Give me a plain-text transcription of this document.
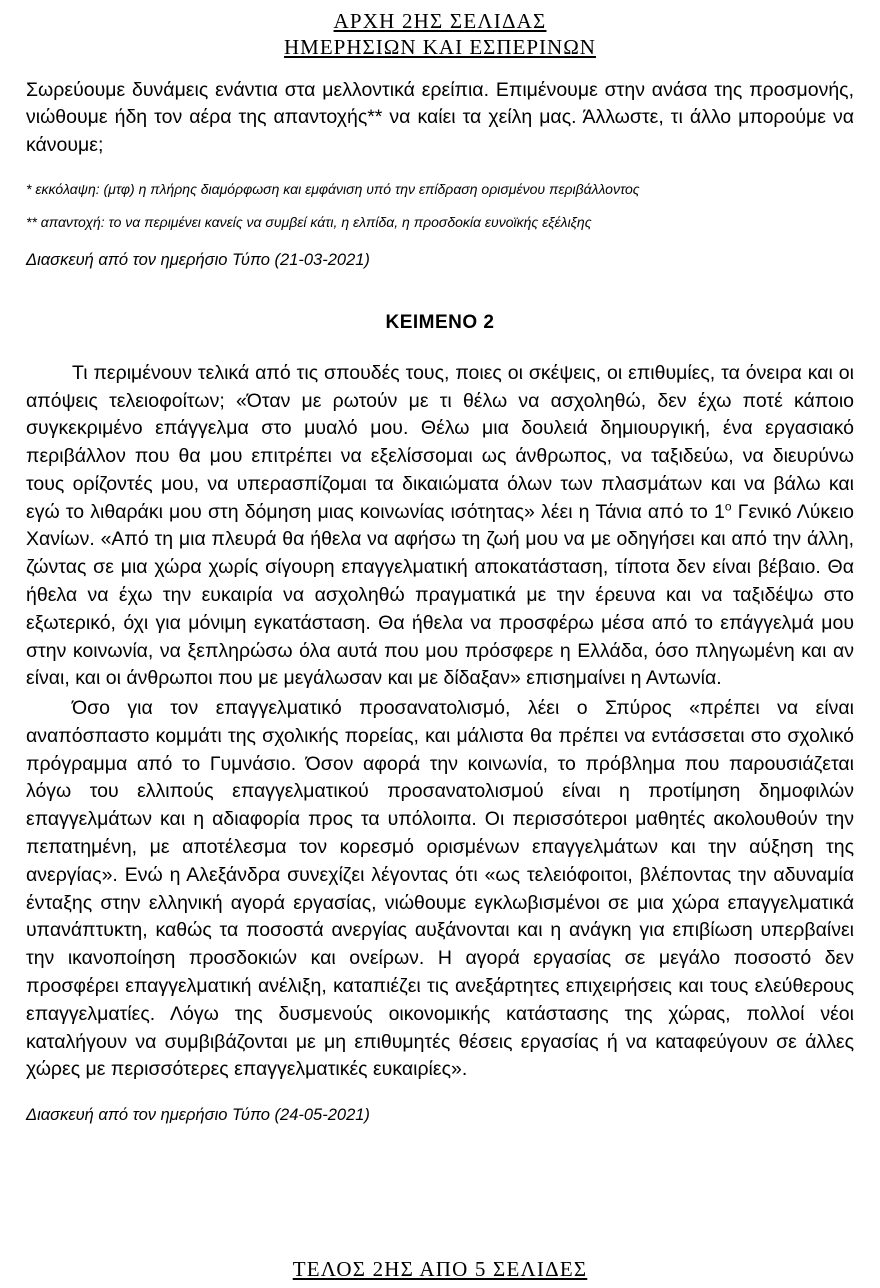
ΑΡΧΗ 2ΗΣ ΣΕΛΙΔΑΣ
ΗΜΕΡΗΣΙΩΝ ΚΑΙ ΕΣΠΕΡΙΝΩΝ

Σωρεύουμε δυνάμεις ενάντια στα μελλοντικά ερείπια. Επιμένουμε στην ανάσα της προσμονής, νιώθουμε ήδη τον αέρα της απαντοχής** να καίει τα χείλη μας. Άλλωστε, τι άλλο μπορούμε να κάνουμε;

* εκκόλαψη: (μτφ) η πλήρης διαμόρφωση και εμφάνιση υπό την επίδραση ορισμένου περιβάλλοντος
** απαντοχή: το να περιμένει κανείς να συμβεί κάτι, η ελπίδα, η προσδοκία ευνοϊκής εξέλιξης
Διασκευή από τον ημερήσιο Τύπο (21-03-2021)
ΚΕΙΜΕΝΟ 2

Τι περιμένουν τελικά από τις σπουδές τους, ποιες οι σκέψεις, οι επιθυμίες, τα όνειρα και οι απόψεις τελειοφοίτων; «Όταν με ρωτούν με τι θέλω να ασχοληθώ, δεν έχω ποτέ κάποιο συγκεκριμένο επάγγελμα στο μυαλό μου. Θέλω μια δουλειά δημιουργική, ένα εργασιακό περιβάλλον που θα μου επιτρέπει να εξελίσσομαι ως άνθρωπος, να ταξιδεύω, να διευρύνω τους ορίζοντές μου, να υπερασπίζομαι τα δικαιώματα όλων των πλασμάτων και να βάλω και εγώ το λιθαράκι μου στη δόμηση μιας κοινωνίας ισότητας» λέει η Τάνια από το $1^o$ Γενικό Λύκειο Χανίων. «Από τη μια πλευρά θα ήθελα να αφήσω τη ζωή μου να με οδηγήσει και από την άλλη, ζώντας σε μια χώρα χωρίς σίγουρη επαγγελματική αποκατάσταση, τίποτα δεν είναι βέβαιο. Θα ήθελα να έχω την ευκαιρία να ασχοληθώ πραγματικά με την έρευνα και να ταξιδέψω στο εξωτερικό, όχι για μόνιμη εγκατάσταση. Θα ήθελα να προσφέρω μέσα από το επάγγελμά μου στην κοινωνία, να ξεπληρώσω όλα αυτά που μου πρόσφερε η Ελλάδα, όσο πληγωμένη και αν είναι, και οι άνθρωποι που με μεγάλωσαν και με δίδαξαν» επισημαίνει η Αντωνία.

Όσο για τον επαγγελματικό προσανατολισμό, λέει ο Σπύρος «πρέπει να είναι αναπόσπαστο κομμάτι της σχολικής πορείας, και μάλιστα θα πρέπει να εντάσσεται στο σχολικό πρόγραμμα από το Γυμνάσιο. Όσον αφορά την κοινωνία, το πρόβλημα που παρουσιάζεται λόγω του ελλιπούς επαγγελματικού προσανατολισμού είναι η προτίμηση δημοφιλών επαγγελμάτων και η αδιαφορία προς τα υπόλοιπα. Οι περισσότεροι μαθητές ακολουθούν την πεπατημένη, με αποτέλεσμα τον κορεσμό ορισμένων επαγγελμάτων και την αύξηση της ανεργίας». Ενώ η Αλεξάνδρα συνεχίζει λέγοντας ότι «ως τελειόφοιτοι, βλέποντας την αδυναμία ένταξης στην ελληνική αγορά εργασίας, νιώθουμε εγκλωβισμένοι σε μια χώρα επαγγελματικά υπανάπτυκτη, καθώς τα ποσοστά ανεργίας αυξάνονται και η ανάγκη για επιβίωση υπερβαίνει την ικανοποίηση προσδοκιών και ονείρων. Η αγορά εργασίας σε μεγάλο ποσοστό δεν προσφέρει επαγγελματική ανέλιξη, καταπιέζει τις ανεξάρτητες επιχειρήσεις και τους ελεύθερους επαγγελματίες. Λόγω της δυσμενούς οικονομικής κατάστασης της χώρας, πολλοί νέοι καταλήγουν να συμβιβάζονται με μη επιθυμητές θέσεις εργασίας ή να καταφεύγουν σε άλλες χώρες με περισσότερες επαγγελματικές ευκαιρίες».

Διασκευή από τον ημερήσιο Τύπο (24-05-2021)
ΤΕΛΟΣ 2ΗΣ ΑΠΟ 5 ΣΕΛΙΔΕΣ
